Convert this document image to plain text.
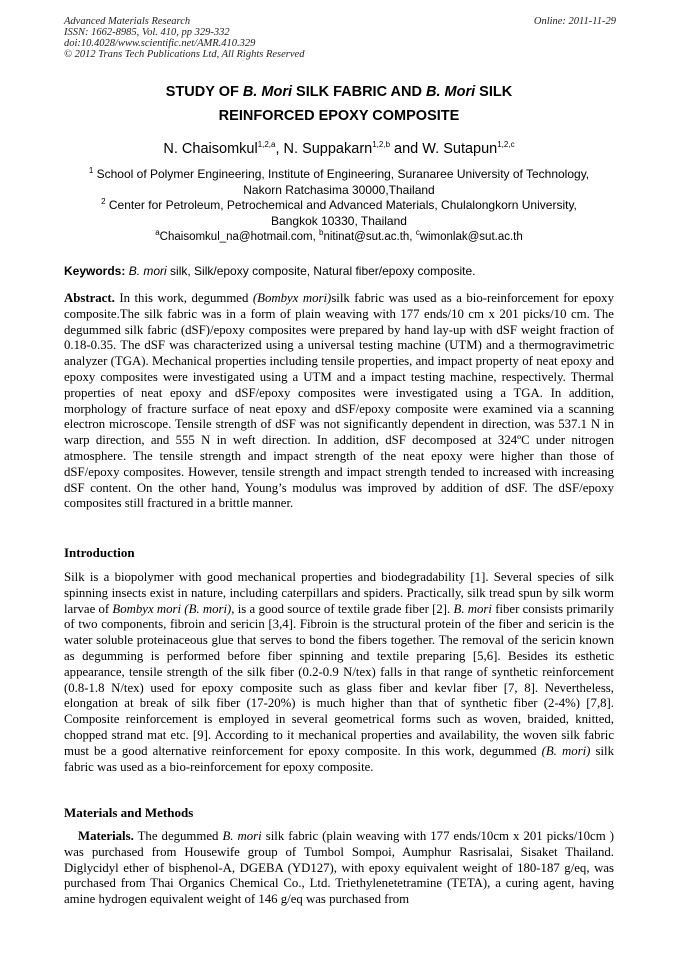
Advanced Materials Research
ISSN: 1662-8985, Vol. 410, pp 329-332
doi:10.4028/www.scientific.net/AMR.410.329
© 2012 Trans Tech Publications Ltd, All Rights Reserved
Online: 2011-11-29
STUDY OF B. Mori SILK FABRIC AND B. Mori SILK
REINFORCED EPOXY COMPOSITE
N. Chaisomkul$^{1,2,a}$, N. Suppakarn$^{1,2,b}$ and W. Sutapun$^{1,2,c}$
$^1$ School of Polymer Engineering, Institute of Engineering, Suranaree University of Technology,
Nakorn Ratchasima 30000,Thailand
$^2$ Center for Petroleum, Petrochemical and Advanced Materials, Chulalongkorn University,
Bangkok 10330, Thailand
$^a$Chaisomkul_na@hotmail.com, $^b$nitinat@sut.ac.th, $^c$wimonlak@sut.ac.th
Keywords: B. mori silk, Silk/epoxy composite, Natural fiber/epoxy composite.
Abstract. In this work, degummed (Bombyx mori)silk fabric was used as a bio-reinforcement for epoxy composite.The silk fabric was in a form of plain weaving with 177 ends/10 cm x 201 picks/10 cm. The degummed silk fabric (dSF)/epoxy composites were prepared by hand lay-up with dSF weight fraction of 0.18-0.35. The dSF was characterized using a universal testing machine (UTM) and a thermogravimetric analyzer (TGA). Mechanical properties including tensile properties, and impact property of neat epoxy and epoxy composites were investigated using a UTM and a impact testing machine, respectively. Thermal properties of neat epoxy and dSF/epoxy composites were investigated using a TGA. In addition, morphology of fracture surface of neat epoxy and dSF/epoxy composite were examined via a scanning electron microscope. Tensile strength of dSF was not significantly dependent in direction, was 537.1 N in warp direction, and 555 N in weft direction. In addition, dSF decomposed at 324ºC under nitrogen atmosphere. The tensile strength and impact strength of the neat epoxy were higher than those of dSF/epoxy composites. However, tensile strength and impact strength tended to increased with increasing dSF content. On the other hand, Young’s modulus was improved by addition of dSF. The dSF/epoxy composites still fractured in a brittle manner.
Introduction
Silk is a biopolymer with good mechanical properties and biodegradability [1]. Several species of silk spinning insects exist in nature, including caterpillars and spiders. Practically, silk tread spun by silk worm larvae of Bombyx mori (B. mori), is a good source of textile grade fiber [2]. B. mori fiber consists primarily of two components, fibroin and sericin [3,4]. Fibroin is the structural protein of the fiber and sericin is the water soluble proteinaceous glue that serves to bond the fibers together. The removal of the sericin known as degumming is performed before fiber spinning and textile preparing [5,6]. Besides its esthetic appearance, tensile strength of the silk fiber (0.2-0.9 N/tex) falls in that range of synthetic reinforcement (0.8-1.8 N/tex) used for epoxy composite such as glass fiber and kevlar fiber [7, 8]. Nevertheless, elongation at break of silk fiber (17-20%) is much higher than that of synthetic fiber (2-4%) [7,8]. Composite reinforcement is employed in several geometrical forms such as woven, braided, knitted, chopped strand mat etc. [9]. According to it mechanical properties and availability, the woven silk fabric must be a good alternative reinforcement for epoxy composite. In this work, degummed (B. mori) silk fabric was used as a bio-reinforcement for epoxy composite.
Materials and Methods
Materials. The degummed B. mori silk fabric (plain weaving with 177 ends/10cm x 201 picks/10cm ) was purchased from Housewife group of Tumbol Sompoi, Aumphur Rasrisalai, Sisaket Thailand. Diglycidyl ether of bisphenol-A, DGEBA (YD127), with epoxy equivalent weight of 180-187 g/eq, was purchased from Thai Organics Chemical Co., Ltd. Triethylenetetramine (TETA), a curing agent, having amine hydrogen equivalent weight of 146 g/eq was purchased from
